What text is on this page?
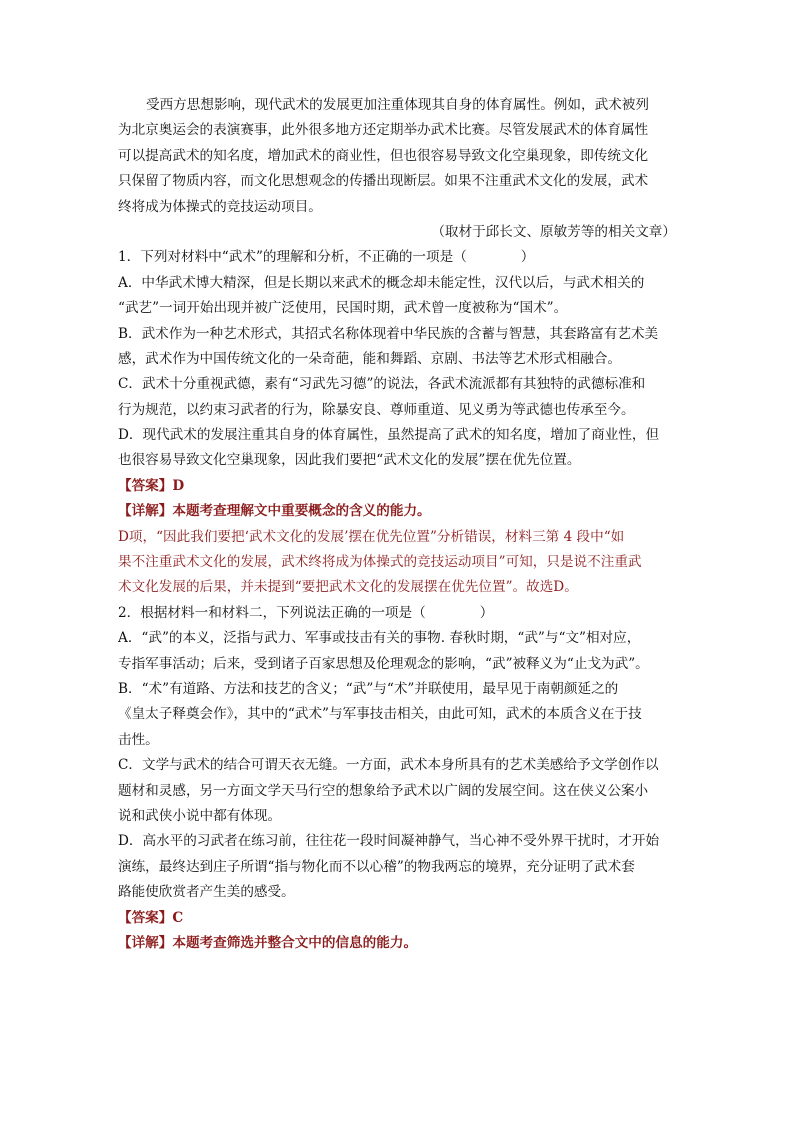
受西方思想影响，现代武术的发展更加注重体现其自身的体育属性。例如，武术被列
为北京奥运会的表演赛事，此外很多地方还定期举办武术比赛。尽管发展武术的体育属性
可以提高武术的知名度，增加武术的商业性，但也很容易导致文化空巢现象，即传统文化
只保留了物质内容，而文化思想观念的传播出现断层。如果不注重武术文化的发展，武术
终将成为体操式的竞技运动项目。
（取材于邱长文、原敏芳等的相关文章）
1．下列对材料中“武术”的理解和分析，不正确的一项是（	）
A．中华武术博大精深，但是长期以来武术的概念却未能定性，汉代以后，与武术相关的
“武艺”一词开始出现并被广泛使用，民国时期，武术曾一度被称为“国术”。
B．武术作为一种艺术形式，其招式名称体现着中华民族的含蓄与智慧，其套路富有艺术美
感，武术作为中国传统文化的一朵奇葩，能和舞蹈、京剧、书法等艺术形式相融合。
C．武术十分重视武德，素有“习武先习德”的说法，各武术流派都有其独特的武德标准和
行为规范，以约束习武者的行为，除暴安良、尊师重道、见义勇为等武德也传承至今。
D．现代武术的发展注重其自身的体育属性，虽然提高了武术的知名度，增加了商业性，但
也很容易导致文化空巢现象，因此我们要把“武术文化的发展”摆在优先位置。
【答案】D
【详解】本题考查理解文中重要概念的含义的能力。
D项，“因此我们要把‘武术文化的发展’摆在优先位置”分析错误，材料三第 4 段中“如
果不注重武术文化的发展，武术终将成为体操式的竞技运动项目”可知，只是说不注重武
术文化发展的后果，并未提到“要把武术文化的发展摆在优先位置”。故选D。
2．根据材料一和材料二，下列说法正确的一项是（	）
A．“武”的本义，泛指与武力、军事或技击有关的事物. 春秋时期，“武”与“文”相对应，
专指军事活动；后来，受到诸子百家思想及伦理观念的影响，“武”被释义为“止戈为武”。
B．“术”有道路、方法和技艺的含义；“武”与“术”并联使用，最早见于南朝颜延之的
《皇太子释奠会作》，其中的“武术”与军事技击相关，由此可知，武术的本质含义在于技
击性。
C．文学与武术的结合可谓天衣无缝。一方面，武术本身所具有的艺术美感给予文学创作以
题材和灵感，另一方面文学天马行空的想象给予武术以广阔的发展空间。这在侠义公案小
说和武侠小说中都有体现。
D．高水平的习武者在练习前，往往花一段时间凝神静气，当心神不受外界干扰时，才开始
演练，最终达到庄子所谓“指与物化而不以心稽”的物我两忘的境界，充分证明了武术套
路能使欣赏者产生美的感受。
【答案】C
【详解】本题考查筛选并整合文中的信息的能力。
